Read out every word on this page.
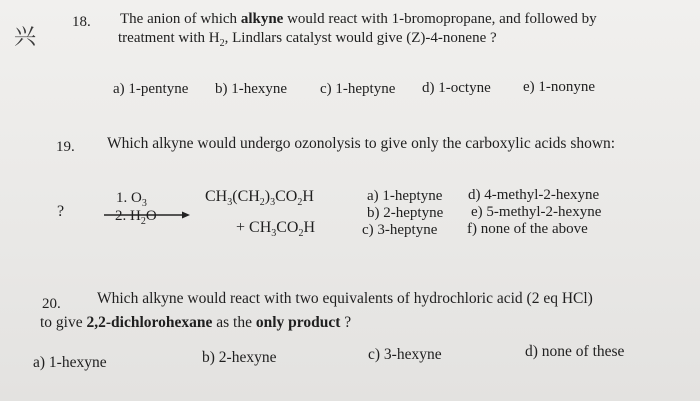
兴
18. The anion of which alkyne would react with 1-bromopropane, and followed by
treatment with $H_2$, Lindlars catalyst would give (Z)-4-nonene ?
a) 1-pentyne b) 1-hexyne c) 1-heptyne d) 1-octyne e) 1-nonyne
19. Which alkyne would undergo ozonolysis to give only the carboxylic acids shown:
?
1. $O_3$
2. $H_2O$
$CH_3(CH_2)_3CO_2H$
+ $CH_3CO_2H$
a) 1-heptyne
b) 2-heptyne
c) 3-heptyne
d) 4-methyl-2-hexyne
e) 5-methyl-2-hexyne
f) none of the above
20. Which alkyne would react with two equivalents of hydrochloric acid (2 eq HCl)
to give 2,2-dichlorohexane as the only product ?
a) 1-hexyne	b) 2-hexyne	c) 3-hexyne	d) none of these
